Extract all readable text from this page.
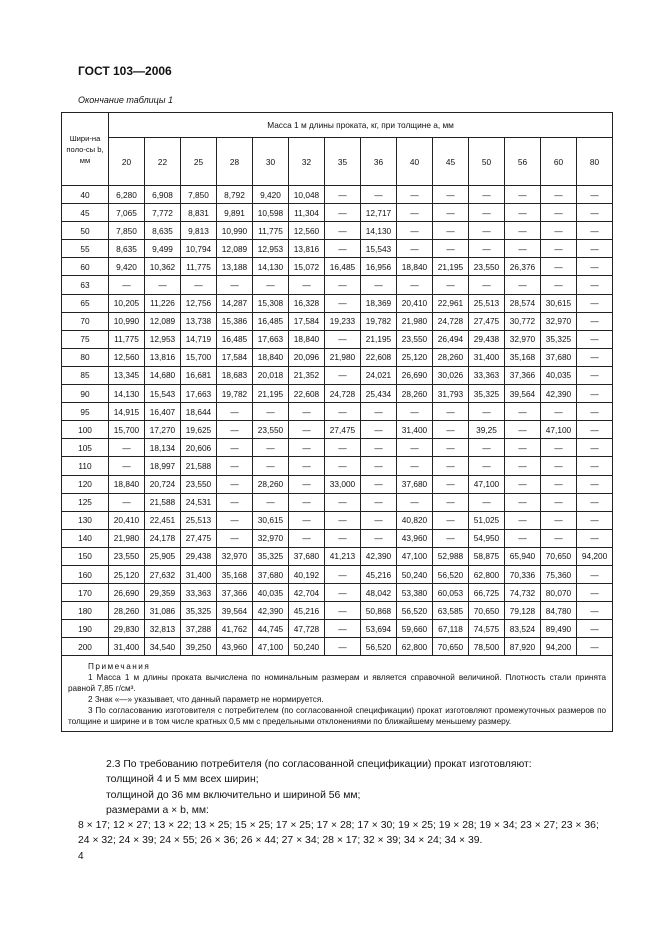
ГОСТ 103—2006
Окончание таблицы 1
Шири-на поло-сы b, мм	Масса 1 м длины проката, кг, при толщине a, мм													
	20	22	25	28	30	32	35	36	40	45	50	56	60	80
40	6,280	6,908	7,850	8,792	9,420	10,048	—	—	—	—	—	—	—	—
45	7,065	7,772	8,831	9,891	10,598	11,304	—	12,717	—	—	—	—	—	—
50	7,850	8,635	9,813	10,990	11,775	12,560	—	14,130	—	—	—	—	—	—
55	8,635	9,499	10,794	12,089	12,953	13,816	—	15,543	—	—	—	—	—	—
60	9,420	10,362	11,775	13,188	14,130	15,072	16,485	16,956	18,840	21,195	23,550	26,376	—	—
63	—	—	—	—	—	—	—	—	—	—	—	—	—	—
65	10,205	11,226	12,756	14,287	15,308	16,328	—	18,369	20,410	22,961	25,513	28,574	30,615	—
70	10,990	12,089	13,738	15,386	16,485	17,584	19,233	19,782	21,980	24,728	27,475	30,772	32,970	—
75	11,775	12,953	14,719	16,485	17,663	18,840	—	21,195	23,550	26,494	29,438	32,970	35,325	—
80	12,560	13,816	15,700	17,584	18,840	20,096	21,980	22,608	25,120	28,260	31,400	35,168	37,680	—
85	13,345	14,680	16,681	18,683	20,018	21,352	—	24,021	26,690	30,026	33,363	37,366	40,035	—
90	14,130	15,543	17,663	19,782	21,195	22,608	24,728	25,434	28,260	31,793	35,325	39,564	42,390	—
95	14,915	16,407	18,644	—	—	—	—	—	—	—	—	—	—	—
100	15,700	17,270	19,625	—	23,550	—	27,475	—	31,400	—	39,25	—	47,100	—
105	—	18,134	20,606	—	—	—	—	—	—	—	—	—	—	—
110	—	18,997	21,588	—	—	—	—	—	—	—	—	—	—	—
120	18,840	20,724	23,550	—	28,260	—	33,000	—	37,680	—	47,100	—	—	—
125	—	21,588	24,531	—	—	—	—	—	—	—	—	—	—	—
130	20,410	22,451	25,513	—	30,615	—	—	—	40,820	—	51,025	—	—	—
140	21,980	24,178	27,475	—	32,970	—	—	—	43,960	—	54,950	—	—	—
150	23,550	25,905	29,438	32,970	35,325	37,680	41,213	42,390	47,100	52,988	58,875	65,940	70,650	94,200
160	25,120	27,632	31,400	35,168	37,680	40,192	—	45,216	50,240	56,520	62,800	70,336	75,360	—
170	26,690	29,359	33,363	37,366	40,035	42,704	—	48,042	53,380	60,053	66,725	74,732	80,070	—
180	28,260	31,086	35,325	39,564	42,390	45,216	—	50,868	56,520	63,585	70,650	79,128	84,780	—
190	29,830	32,813	37,288	41,762	44,745	47,728	—	53,694	59,660	67,118	74,575	83,524	89,490	—
200	31,400	34,540	39,250	43,960	47,100	50,240	—	56,520	62,800	70,650	78,500	87,920	94,200	—

Примечания

1 Масса 1 м длины проката вычислена по номинальным размерам и является справочной величиной. Плотность стали принята равной 7,85 г/см³.

2 Знак «—» указывает, что данный параметр не нормируется.

3 По согласованию изготовителя с потребителем (по согласованной спецификации) прокат изготовляют промежуточных размеров по толщине и ширине и в том числе кратных 0,5 мм с предельными отклонениями по ближайшему меньшему размеру.														

2.3 По требованию потребителя (по согласованной спецификации) прокат изготовляют:

толщиной 4 и 5 мм всех ширин;

толщиной до 36 мм включительно и шириной 56 мм;

размерами a × b, мм:

8 × 17; 12 × 27; 13 × 22; 13 × 25; 15 × 25; 17 × 25; 17 × 28; 17 × 30; 19 × 25; 19 × 28; 19 × 34; 23 × 27; 23 × 36; 24 × 32; 24 × 39; 24 × 55; 26 × 36; 26 × 44; 27 × 34; 28 × 17; 32 × 39; 34 × 24; 34 × 39.

4
